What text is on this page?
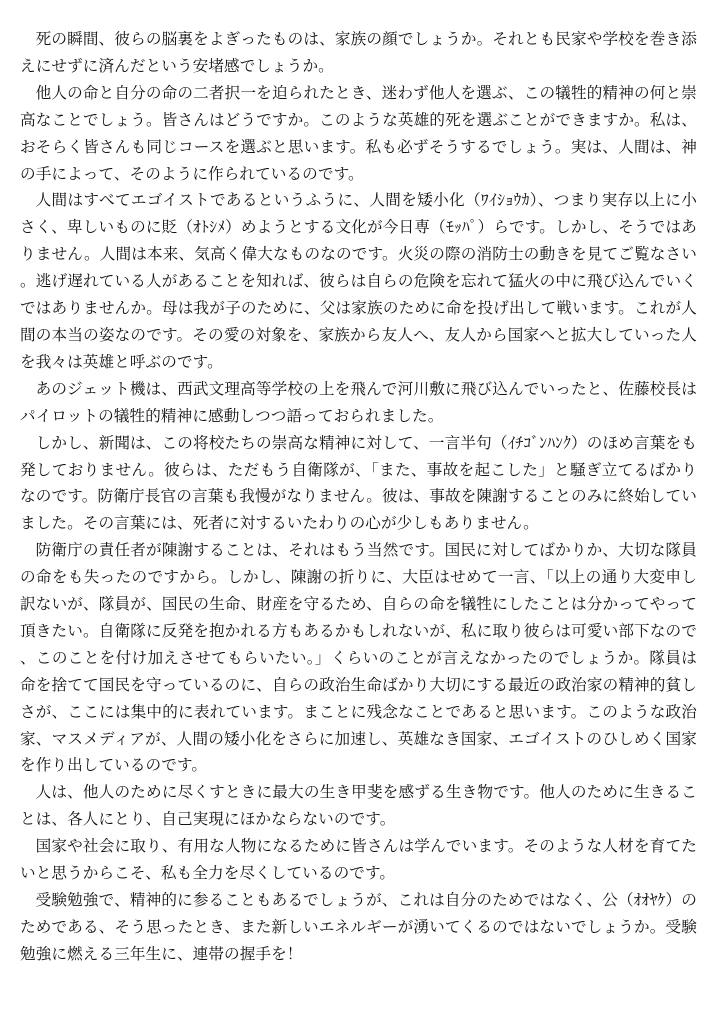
死の瞬間、彼らの脳裏をよぎったものは、家族の顔でしょうか。それとも民家や学校を巻き添えにせずに済んだという安堵感でしょうか。

他人の命と自分の命の二者択一を迫られたとき、迷わず他人を選ぶ、この犠牲的精神の何と崇高なことでしょう。皆さんはどうですか。このような英雄的死を選ぶことができますか。私は、おそらく皆さんも同じコースを選ぶと思います。私も必ずそうするでしょう。実は、人間は、神の手によって、そのように作られているのです。

人間はすべてエゴイストであるというふうに、人間を矮小化（ﾜｲｼｮｳｶ）、つまり実存以上に小さく、卑しいものに貶（ｵﾄｼﾒ）めようとする文化が今日専（ﾓｯﾊﾟ）らです。しかし、そうではありません。人間は本来、気高く偉大なものなのです。火災の際の消防士の動きを見てご覧なさい。逃げ遅れている人があることを知れば、彼らは自らの危険を忘れて猛火の中に飛び込んでいくではありませんか。母は我が子のために、父は家族のために命を投げ出して戦います。これが人間の本当の姿なのです。その愛の対象を、家族から友人へ、友人から国家へと拡大していった人を我々は英雄と呼ぶのです。

あのジェット機は、西武文理高等学校の上を飛んで河川敷に飛び込んでいったと、佐藤校長はパイロットの犠牲的精神に感動しつつ語っておられました。

しかし、新聞は、この将校たちの崇高な精神に対して、一言半句（ｲﾁｺﾞﾝﾊﾝｸ）のほめ言葉をも発しておりません。彼らは、ただもう自衛隊が、「また、事故を起こした」と騒ぎ立てるばかりなのです。防衛庁長官の言葉も我慢がなりません。彼は、事故を陳謝することのみに終始していました。その言葉には、死者に対するいたわりの心が少しもありません。

防衛庁の責任者が陳謝することは、それはもう当然です。国民に対してばかりか、大切な隊員の命をも失ったのですから。しかし、陳謝の折りに、大臣はせめて一言、「以上の通り大変申し訳ないが、隊員が、国民の生命、財産を守るため、自らの命を犠牲にしたことは分かってやって頂きたい。自衛隊に反発を抱かれる方もあるかもしれないが、私に取り彼らは可愛い部下なので、このことを付け加えさせてもらいたい。」くらいのことが言えなかったのでしょうか。隊員は命を捨てて国民を守っているのに、自らの政治生命ばかり大切にする最近の政治家の精神的貧しさが、ここには集中的に表れています。まことに残念なことであると思います。このような政治家、マスメディアが、人間の矮小化をさらに加速し、英雄なき国家、エゴイストのひしめく国家を作り出しているのです。

人は、他人のために尽くすときに最大の生き甲斐を感ずる生き物です。他人のために生きることは、各人にとり、自己実現にほかならないのです。

国家や社会に取り、有用な人物になるために皆さんは学んでいます。そのような人材を育てたいと思うからこそ、私も全力を尽くしているのです。

受験勉強で、精神的に参ることもあるでしょうが、これは自分のためではなく、公（ｵｵﾔｹ）のためである、そう思ったとき、また新しいエネルギーが湧いてくるのではないでしょうか。受験勉強に燃える三年生に、連帯の握手を！
